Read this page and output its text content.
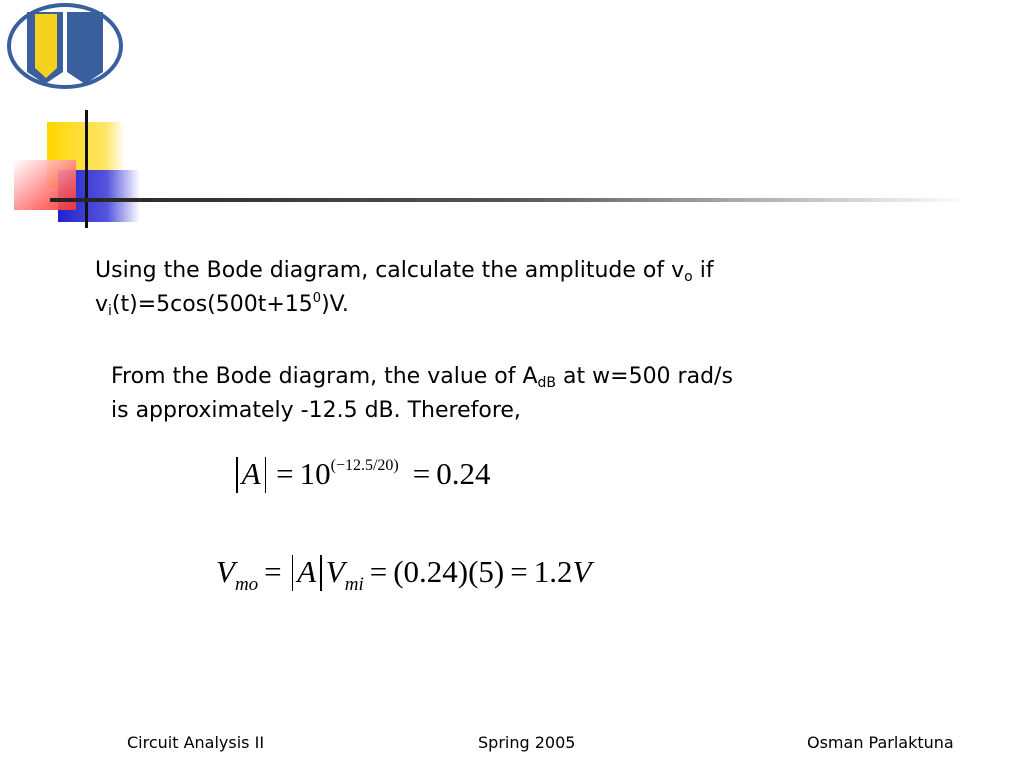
Using the Bode diagram, calculate the amplitude of $v_o$ if
$v_i(t)=5\cos(500t+15^0)V$.
From the Bode diagram, the value of $A_{dB}$ at w=500 rad/s
is approximately -12.5 dB. Therefore,
$A = 10^{(-12.5/20)} = 0.24$
$V_{mo} = A$ $V_{mi} = (0.24)(5) = 1.2V$
Circuit Analysis II	Spring 2005	Osman Parlaktuna
